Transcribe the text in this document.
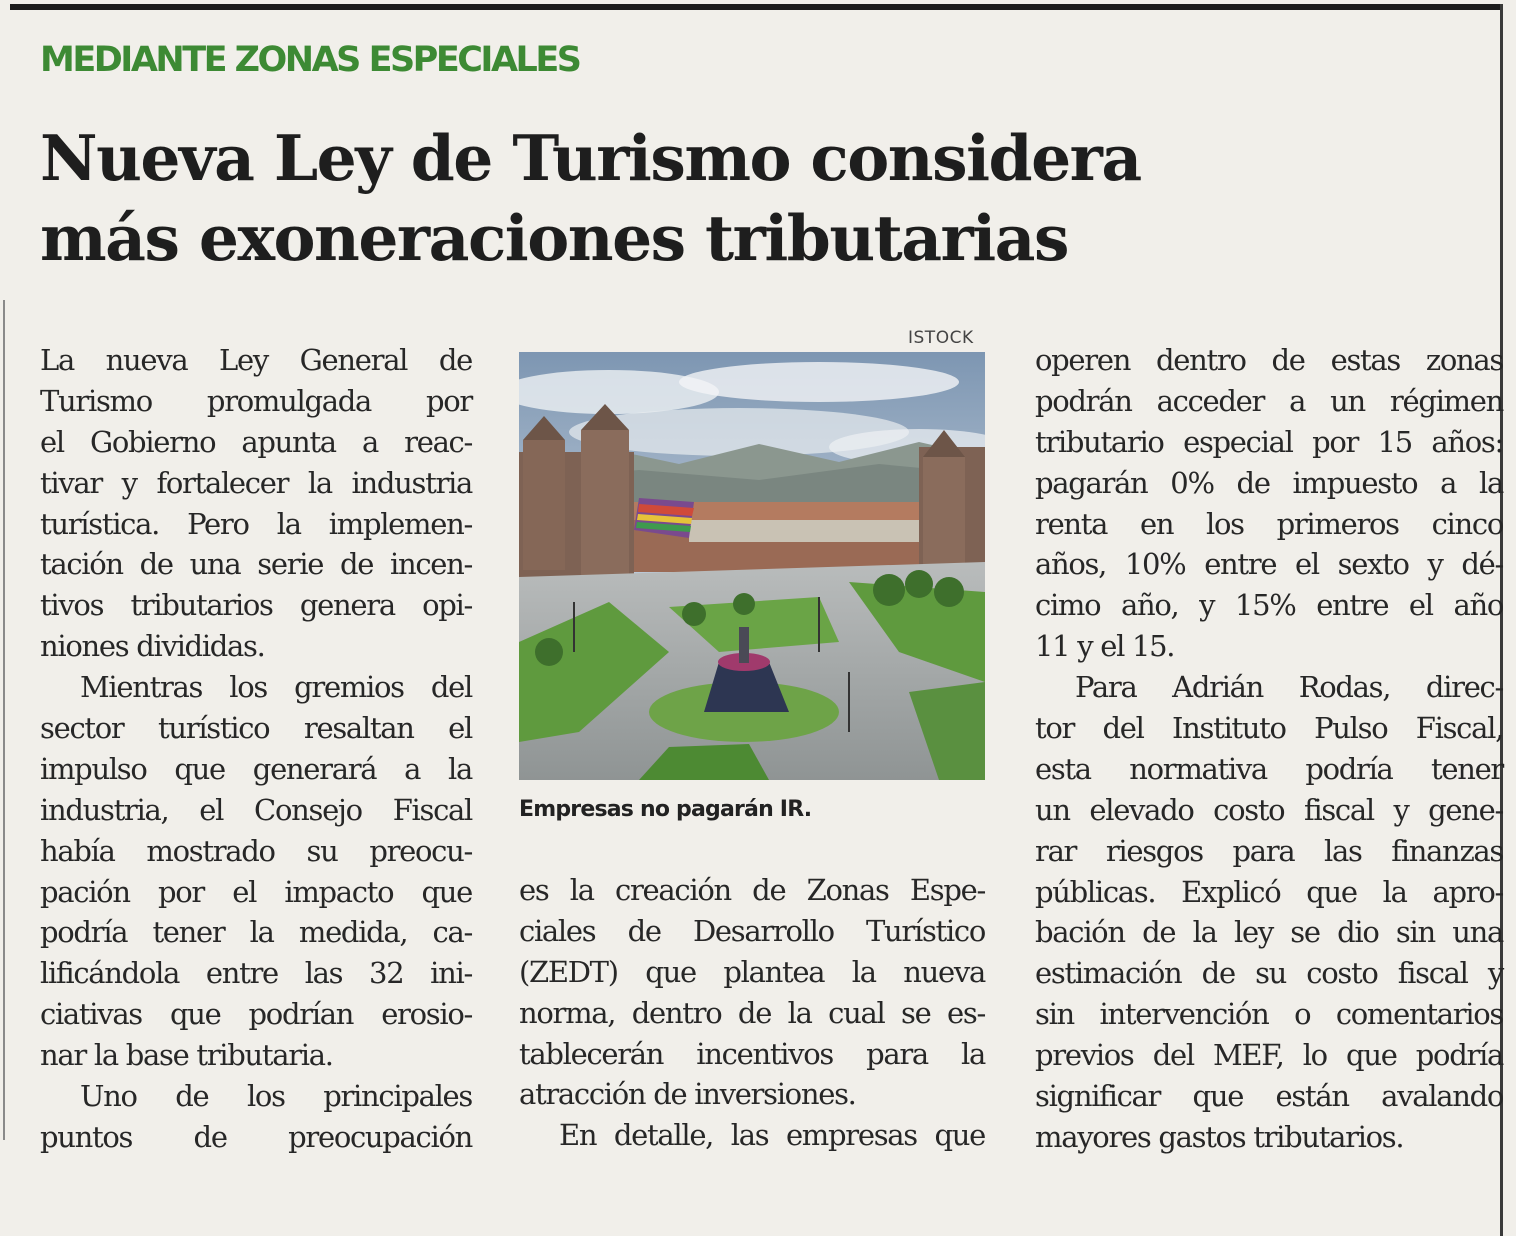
MEDIANTE ZONAS ESPECIALES
Nueva Ley de Turismo considera
más exoneraciones tributarias

La nueva Ley General de
Turismo promulgada por
el Gobierno apunta a reac-
tivar y fortalecer la industria
turística. Pero la implemen-
tación de una serie de incen-
tivos tributarios genera opi-
niones divididas.

Mientras los gremios del
sector turístico resaltan el
impulso que generará a la
industria, el Consejo Fiscal
había mostrado su preocu-
pación por el impacto que
podría tener la medida, ca-
lificándola entre las 32 ini-
ciativas que podrían erosio-
nar la base tributaria.

Uno de los principales
puntos de preocupación

ISTOCK
Empresas no pagarán IR.

es la creación de Zonas Espe-
ciales de Desarrollo Turístico
(ZEDT) que plantea la nueva
norma, dentro de la cual se es-
tablecerán incentivos para la
atracción de inversiones.

En detalle, las empresas que

operen dentro de estas zonas
podrán acceder a un régimen
tributario especial por 15 años:
pagarán 0% de impuesto a la
renta en los primeros cinco
años, 10% entre el sexto y dé-
cimo año, y 15% entre el año
11 y el 15.

Para Adrián Rodas, direc-
tor del Instituto Pulso Fiscal,
esta normativa podría tener
un elevado costo fiscal y gene-
rar riesgos para las finanzas
públicas. Explicó que la apro-
bación de la ley se dio sin una
estimación de su costo fiscal y
sin intervención o comentarios
previos del MEF, lo que podría
significar que están avalando
mayores gastos tributarios.
